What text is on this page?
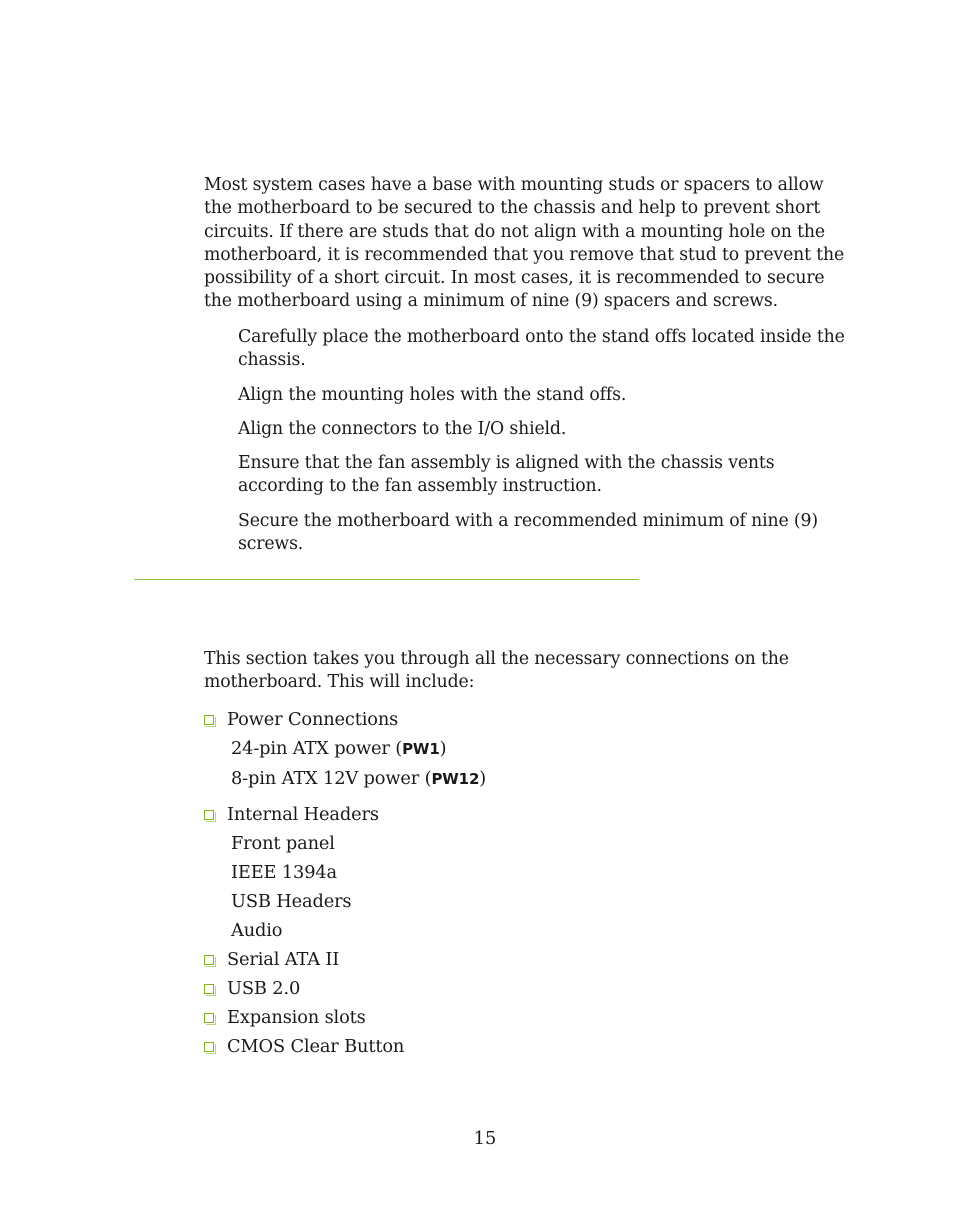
Most system cases have a base with mounting studs or spacers to allow the motherboard to be secured to the chassis and help to prevent short circuits. If there are studs that do not align with a mounting hole on the motherboard, it is recommended that you remove that stud to prevent the possibility of a short circuit. In most cases, it is recommended to secure the motherboard using a minimum of nine (9) spacers and screws.

Carefully place the motherboard onto the stand offs located inside the chassis.
Align the mounting holes with the stand offs.
Align the connectors to the I/O shield.
Ensure that the fan assembly is aligned with the chassis vents according to the fan assembly instruction.
Secure the motherboard with a recommended minimum of nine (9) screws.

This section takes you through all the necessary connections on the motherboard. This will include:

Power Connections
24-pin ATX power (PW1)
8-pin ATX 12V power (PW12)
Internal Headers
Front panel
IEEE 1394a
USB Headers
Audio
Serial ATA II
USB 2.0
Expansion slots
CMOS Clear Button
15
